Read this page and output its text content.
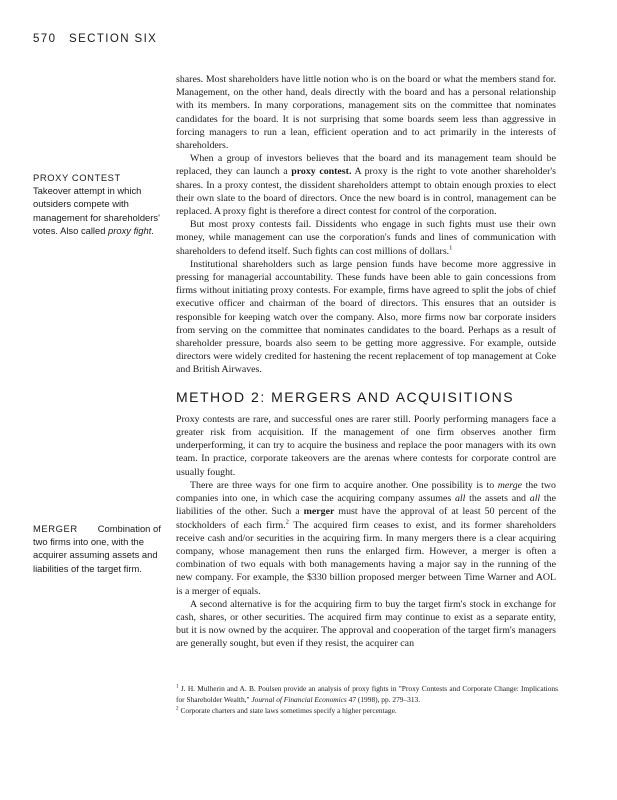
570 SECTION SIX
PROXY CONTEST
Takeover attempt in which outsiders compete with management for shareholders' votes. Also called proxy fight.
MERGER Combination of two firms into one, with the acquirer assuming assets and liabilities of the target firm.

shares. Most shareholders have little notion who is on the board or what the members stand for. Management, on the other hand, deals directly with the board and has a personal relationship with its members. In many corporations, management sits on the committee that nominates candidates for the board. It is not surprising that some boards seem less than aggressive in forcing managers to run a lean, efficient operation and to act primarily in the interests of shareholders.

When a group of investors believes that the board and its management team should be replaced, they can launch a proxy contest. A proxy is the right to vote another shareholder's shares. In a proxy contest, the dissident shareholders attempt to obtain enough proxies to elect their own slate to the board of directors. Once the new board is in control, management can be replaced. A proxy fight is therefore a direct contest for control of the corporation.

But most proxy contests fail. Dissidents who engage in such fights must use their own money, while management can use the corporation's funds and lines of communication with shareholders to defend itself. Such fights can cost millions of dollars.$^1$

Institutional shareholders such as large pension funds have become more aggressive in pressing for managerial accountability. These funds have been able to gain concessions from firms without initiating proxy contests. For example, firms have agreed to split the jobs of chief executive officer and chairman of the board of directors. This ensures that an outsider is responsible for keeping watch over the company. Also, more firms now bar corporate insiders from serving on the committee that nominates candidates to the board. Perhaps as a result of shareholder pressure, boards also seem to be getting more aggressive. For example, outside directors were widely credited for hastening the recent replacement of top management at Coke and British Airwaves.

METHOD 2: MERGERS AND ACQUISITIONS

Proxy contests are rare, and successful ones are rarer still. Poorly performing managers face a greater risk from acquisition. If the management of one firm observes another firm underperforming, it can try to acquire the business and replace the poor managers with its own team. In practice, corporate takeovers are the arenas where contests for corporate control are usually fought.

There are three ways for one firm to acquire another. One possibility is to merge the two companies into one, in which case the acquiring company assumes all the assets and all the liabilities of the other. Such a merger must have the approval of at least 50 percent of the stockholders of each firm.$^2$ The acquired firm ceases to exist, and its former shareholders receive cash and/or securities in the acquiring firm. In many mergers there is a clear acquiring company, whose management then runs the enlarged firm. However, a merger is often a combination of two equals with both managements having a major say in the running of the new company. For example, the $330 billion proposed merger between Time Warner and AOL is a merger of equals.

A second alternative is for the acquiring firm to buy the target firm's stock in exchange for cash, shares, or other securities. The acquired firm may continue to exist as a separate entity, but it is now owned by the acquirer. The approval and cooperation of the target firm's managers are generally sought, but even if they resist, the acquirer can

$^1$ J. H. Mulherin and A. B. Poulsen provide an analysis of proxy fights in "Proxy Contests and Corporate Change: Implications for Shareholder Wealth," Journal of Financial Economics 47 (1998), pp. 279–313.

$^2$ Corporate charters and state laws sometimes specify a higher percentage.
